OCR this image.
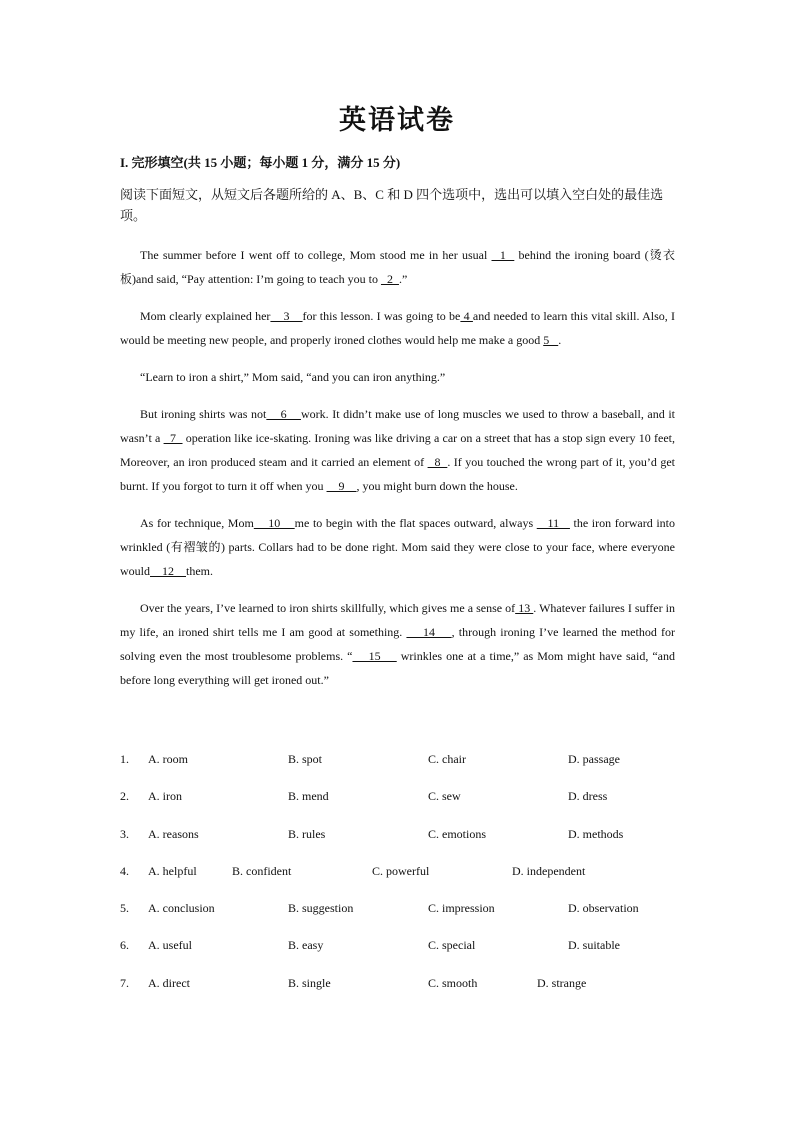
英语试卷
I. 完形填空(共 15 小题；每小题 1 分，满分 15 分)
阅读下面短文，从短文后各题所给的 A、B、C 和 D 四个选项中，选出可以填入空白处的最佳选项。

The summer before I went off to college, Mom stood me in her usual   1   behind the ironing board (烫衣板)and said, “Pay attention: I’m going to teach you to   2  .”

Mom clearly explained her    3    for this lesson. I was going to be 4 and needed to learn this vital skill. Also, I would be meeting new people, and properly ironed clothes would help me make a good 5   .

“Learn to iron a shirt,” Mom said, “and you can iron anything.”

But ironing shirts was not    6    work. It didn’t make use of long muscles we used to throw a baseball, and it wasn’t a   7   operation like ice-skating. Ironing was like driving a car on a street that has a stop sign every 10 feet, Moreover, an iron produced steam and it carried an element of   8  . If you touched the wrong part of it, you’d get burnt. If you forgot to turn it off when you     9    , you might burn down the house.

As for technique, Mom    10    me to begin with the flat spaces outward, always    11    the iron forward into wrinkled (有褶皱的) parts. Collars had to be done right. Mom said they were close to your face, where everyone would    12    them.

Over the years, I’ve learned to iron shirts skillfully, which gives me a sense of 13 . Whatever failures I suffer in my life, an ironed shirt tells me I am good at something.     14    , through ironing I’ve learned the method for solving even the most troublesome problems. “    15     wrinkles one at a time,” as Mom might have said, “and before long everything will get ironed out.”

1. A. room	B. spot	C. chair	D. passage
2. A. iron	B. mend	C. sew	D. dress
3. A. reasons	B. rules	C. emotions	D. methods
4. A. helpful	B. confident	C. powerful	D. independent
5. A. conclusion	B. suggestion	C. impression	D. observation
6. A. useful	B. easy	C. special	D. suitable
7. A. direct	B. single	C. smooth	D. strange
